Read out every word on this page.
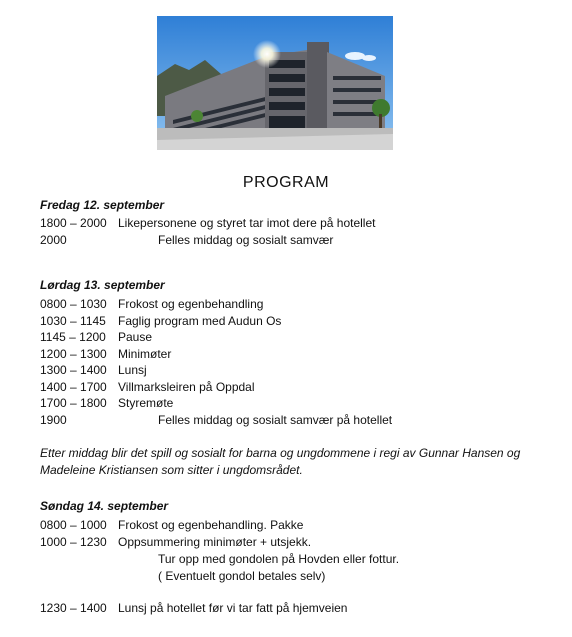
PROGRAM
Fredag 12. september
1800 – 2000 Likepersonene og styret tar imot dere på hotellet
2000	Felles middag og sosialt samvær
Lørdag 13. september
0800 – 1030 Frokost og egenbehandling
1030 – 1145 Faglig program med Audun Os
1145 – 1200 Pause
1200 – 1300 Minimøter
1300 – 1400 Lunsj
1400 – 1700 Villmarksleiren på Oppdal
1700 – 1800 Styremøte
1900	Felles middag og sosialt samvær på hotellet
Etter middag blir det spill og sosialt for barna og ungdommene i regi av Gunnar Hansen og Madeleine Kristiansen som sitter i ungdomsrådet.
Søndag 14. september
0800 – 1000 Frokost og egenbehandling. Pakke
1000 – 1230 Oppsummering minimøter + utsjekk.
Tur opp med gondolen på Hovden eller fottur.
( Eventuelt gondol betales selv)
1230 – 1400 Lunsj på hotellet før vi tar fatt på hjemveien
